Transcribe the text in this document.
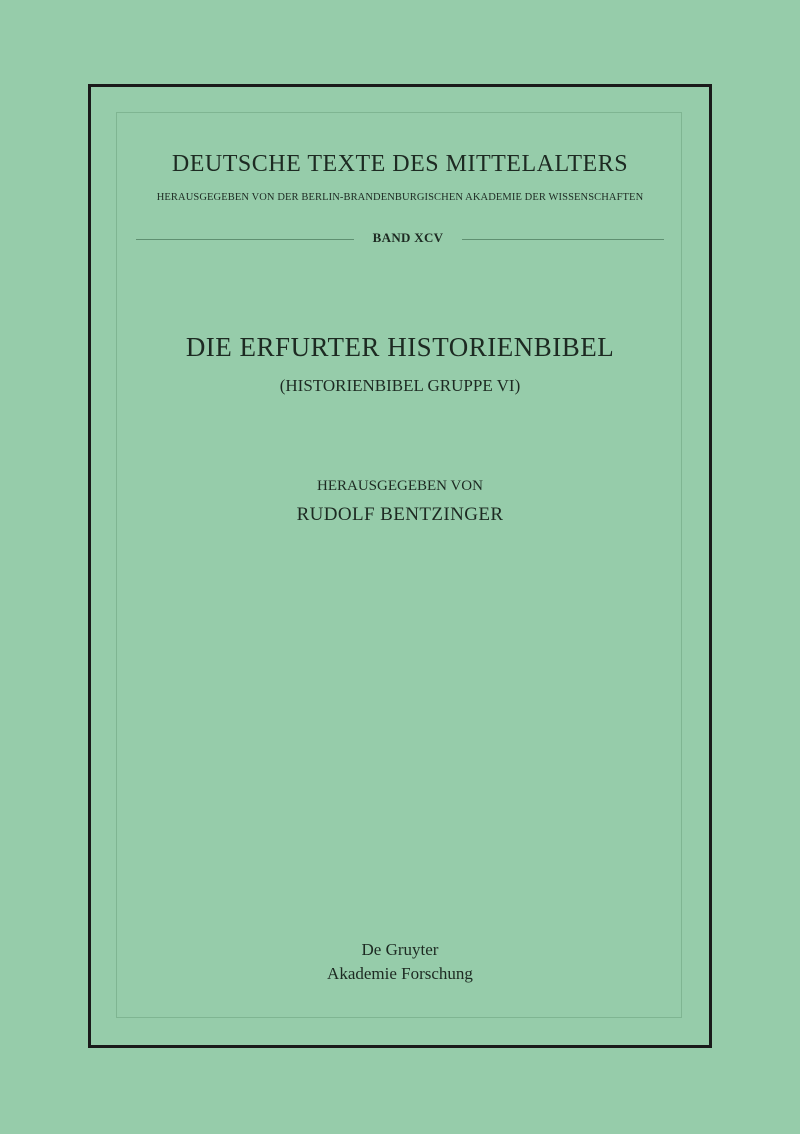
DEUTSCHE TEXTE DES MITTELALTERS
HERAUSGEGEBEN VON DER BERLIN-BRANDENBURGISCHEN AKADEMIE DER WISSENSCHAFTEN
BAND XCV
DIE ERFURTER HISTORIENBIBEL
(HISTORIENBIBEL GRUPPE VI)
HERAUSGEGEBEN VON
RUDOLF BENTZINGER
De Gruyter
Akademie Forschung
